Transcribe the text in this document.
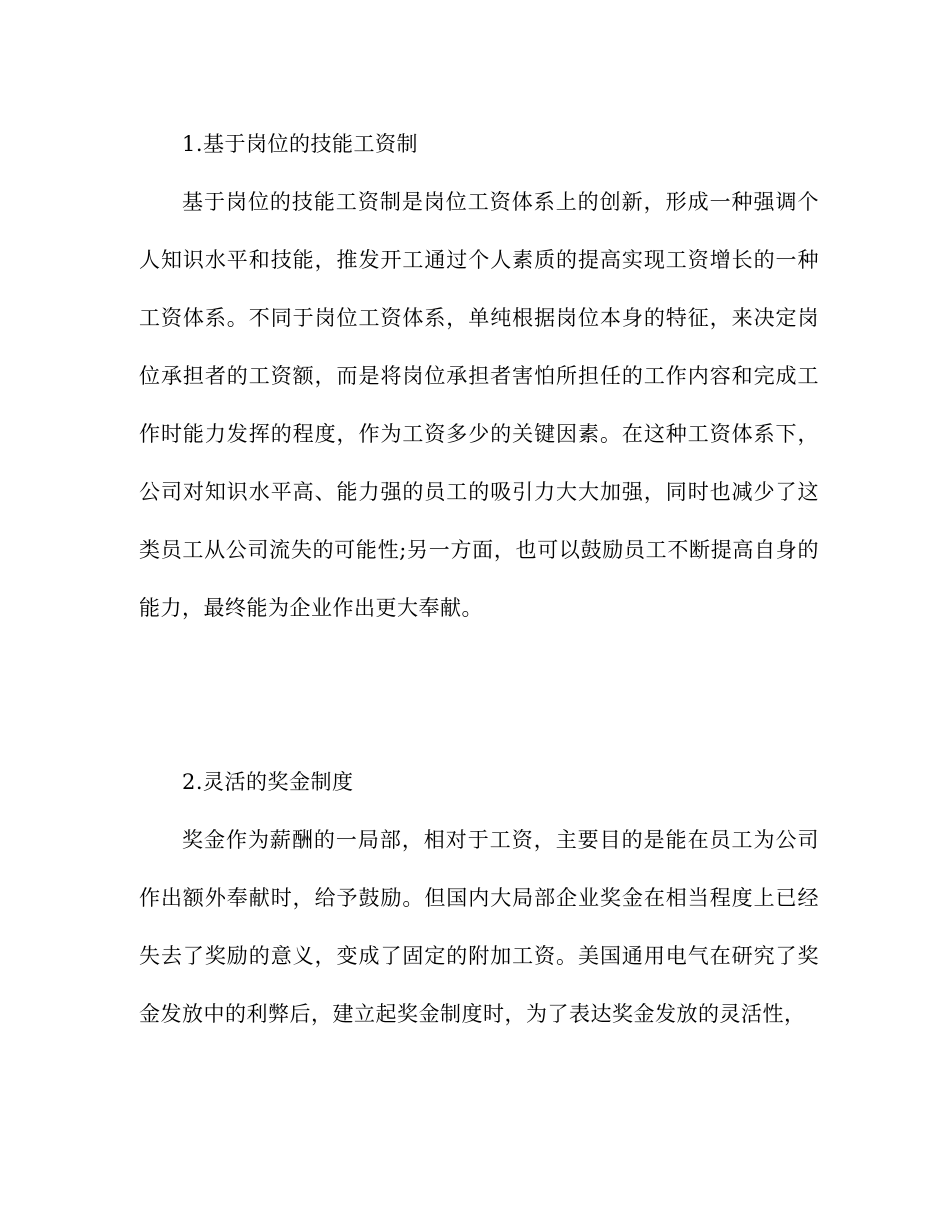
1.基于岗位的技能工资制
基于岗位的技能工资制是岗位工资体系上的创新，形成一种强调个人知识水平和技能，推发开工通过个人素质的提高实现工资增长的一种工资体系。不同于岗位工资体系，单纯根据岗位本身的特征，来决定岗位承担者的工资额，而是将岗位承担者害怕所担任的工作内容和完成工作时能力发挥的程度，作为工资多少的关键因素。在这种工资体系下，公司对知识水平高、能力强的员工的吸引力大大加强，同时也减少了这类员工从公司流失的可能性;另一方面，也可以鼓励员工不断提高自身的能力，最终能为企业作出更大奉献。
2.灵活的奖金制度
奖金作为薪酬的一局部，相对于工资，主要目的是能在员工为公司作出额外奉献时，给予鼓励。但国内大局部企业奖金在相当程度上已经失去了奖励的意义，变成了固定的附加工资。美国通用电气在研究了奖金发放中的利弊后，建立起奖金制度时，为了表达奖金发放的灵活性，
